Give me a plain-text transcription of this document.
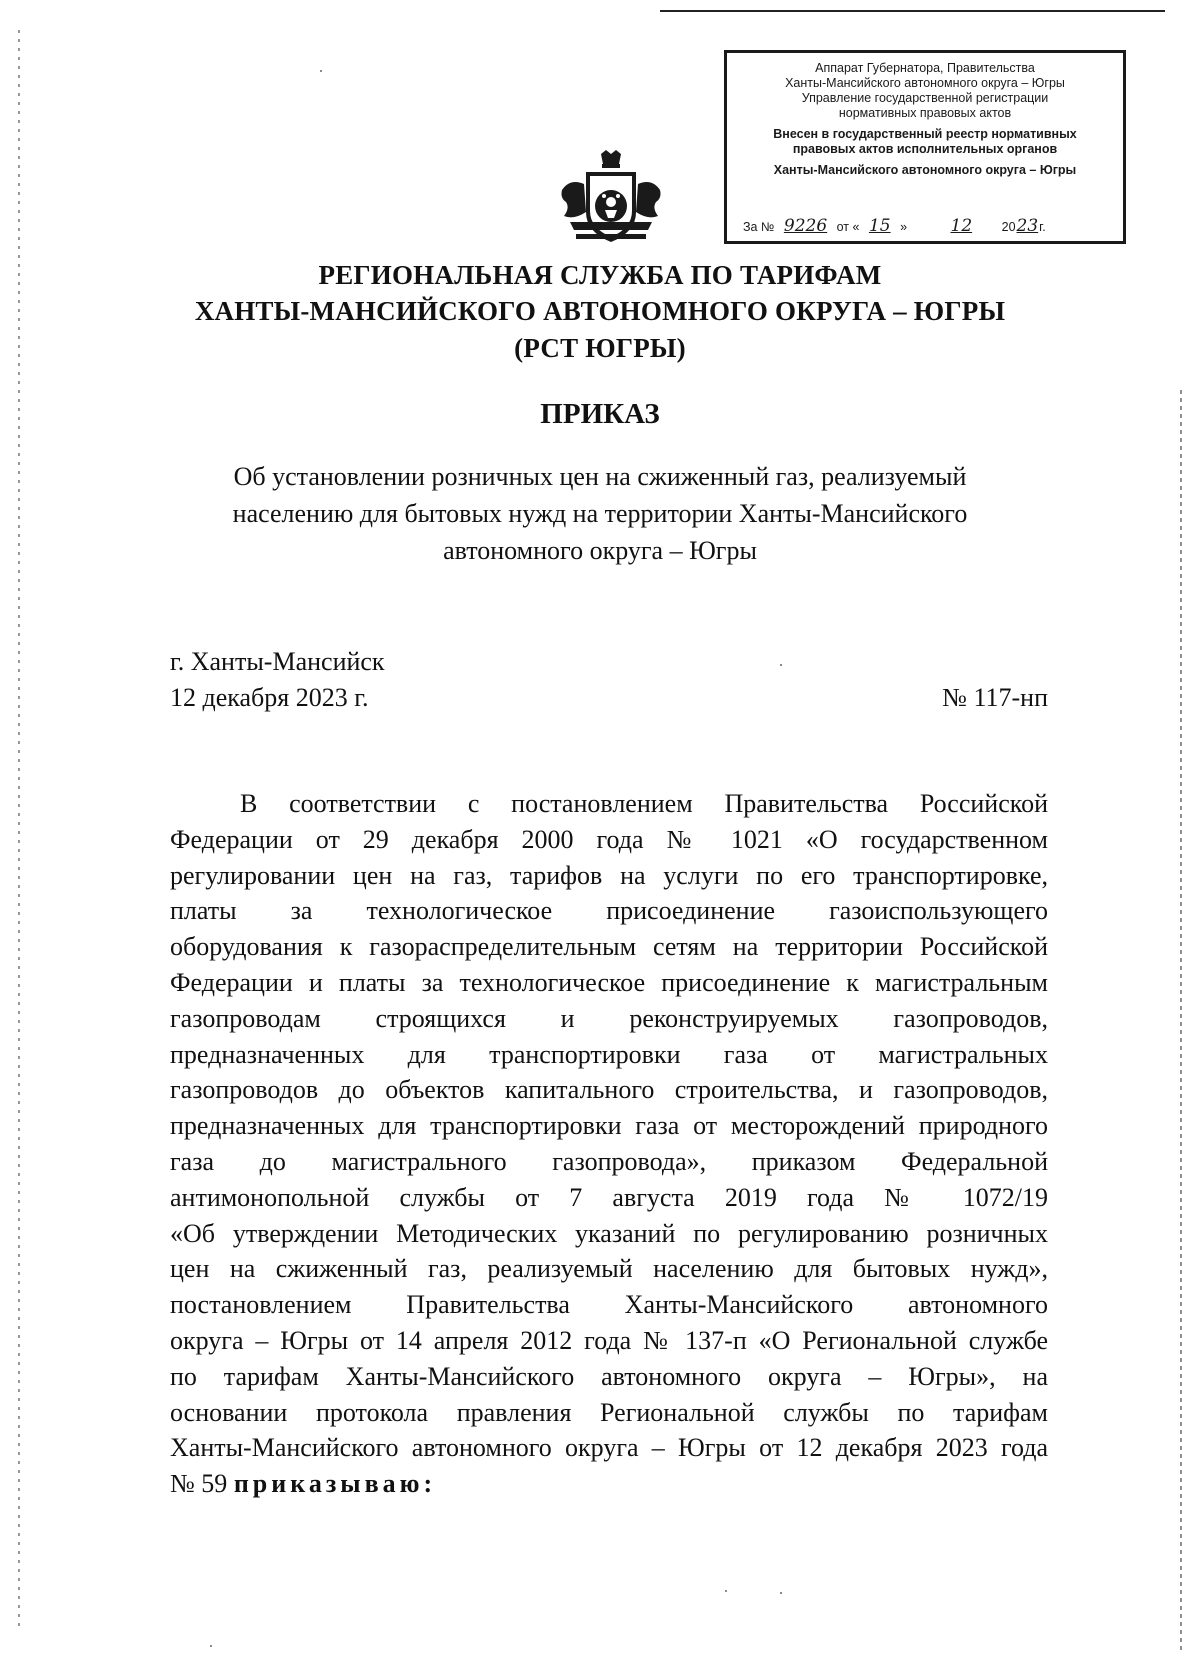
Аппарат Губернатора, Правительства
Ханты-Мансийского автономного округа – Югры
Управление государственной регистрации
нормативных правовых актов
Внесен в государственный реестр нормативных
правовых актов исполнительных органов
Ханты-Мансийского автономного округа – Югры
За № 9226 от « 15 »	12 2023г.
РЕГИОНАЛЬНАЯ СЛУЖБА ПО ТАРИФАМ
ХАНТЫ-МАНСИЙСКОГО АВТОНОМНОГО ОКРУГА – ЮГРЫ
(РСТ ЮГРЫ)
ПРИКАЗ
Об установлении розничных цен на сжиженный газ, реализуемый
населению для бытовых нужд на территории Ханты-Мансийского
автономного округа – Югры
г. Ханты-Мансийск
12 декабря 2023 г.	№ 117-нп
В соответствии с постановлением Правительства Российской
Федерации от 29 декабря 2000 года № 1021 «О государственном
регулировании цен на газ, тарифов на услуги по его транспортировке,
платы за технологическое присоединение газоиспользующего
оборудования к газораспределительным сетям на территории Российской
Федерации и платы за технологическое присоединение к магистральным
газопроводам строящихся и реконструируемых газопроводов,
предназначенных для транспортировки газа от магистральных
газопроводов до объектов капитального строительства, и газопроводов,
предназначенных для транспортировки газа от месторождений природного
газа до магистрального газопровода», приказом Федеральной
антимонопольной службы от 7 августа 2019 года № 1072/19
«Об утверждении Методических указаний по регулированию розничных
цен на сжиженный газ, реализуемый населению для бытовых нужд»,
постановлением Правительства Ханты-Мансийского автономного
округа – Югры от 14 апреля 2012 года № 137-п «О Региональной службе
по тарифам Ханты-Мансийского автономного округа – Югры», на
основании протокола правления Региональной службы по тарифам
Ханты-Мансийского автономного округа – Югры от 12 декабря 2023 года
№ 59 приказываю:
